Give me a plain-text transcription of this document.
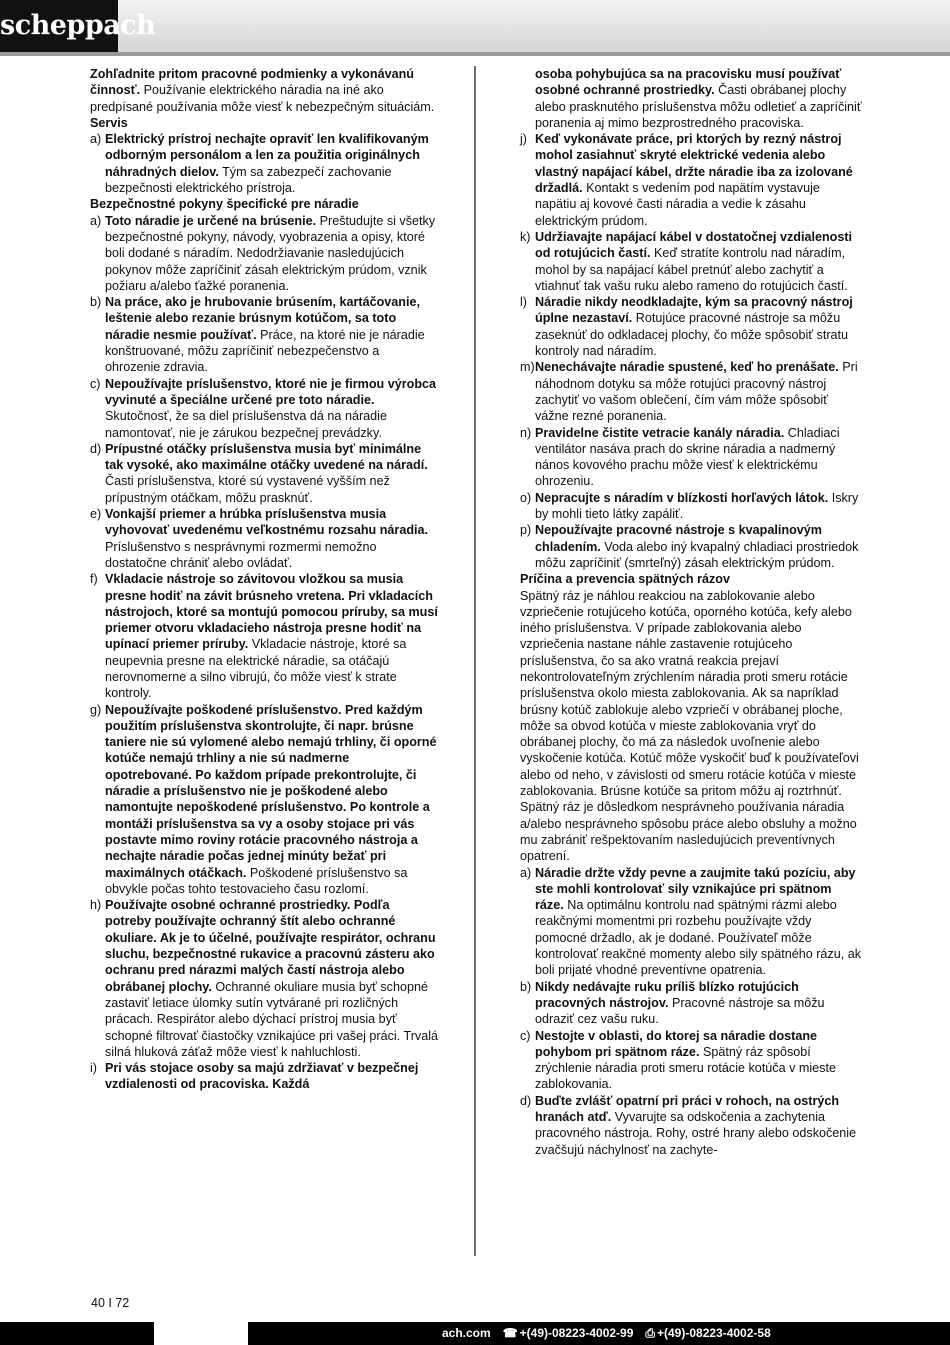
scheppach

Zohľadnite pritom pracovné podmienky a vykonávanú činnosť. Používanie elektrického náradia na iné ako predpísané používania môže viesť k nebezpečným situáciám.

Servis

a) Elektrický prístroj nechajte opraviť len kvalifikovaným odborným personálom a len za použitia originálnych náhradných dielov. Tým sa zabezpečí zachovanie bezpečnosti elektrického prístroja.

Bezpečnostné pokyny špecifické pre náradie

a) Toto náradie je určené na brúsenie. Preštudujte si všetky bezpečnostné pokyny, návody, vyobrazenia a opisy, ktoré boli dodané s náradím. Nedodržiavanie nasledujúcich pokynov môže zapríčiniť zásah elektrickým prúdom, vznik požiaru a/alebo ťažké poranenia.
b) Na práce, ako je hrubovanie brúsením, kartáčovanie, leštenie alebo rezanie brúsnym kotúčom, sa toto náradie nesmie používať. Práce, na ktoré nie je náradie konštruované, môžu zapríčiniť nebezpečenstvo a ohrozenie zdravia.
c) Nepoužívajte príslušenstvo, ktoré nie je firmou výrobca vyvinuté a špeciálne určené pre toto náradie. Skutočnosť, že sa diel príslušenstva dá na náradie namontovať, nie je zárukou bezpečnej prevádzky.
d) Prípustné otáčky príslušenstva musia byť minimálne tak vysoké, ako maximálne otáčky uvedené na náradí. Časti príslušenstva, ktoré sú vystavené vyšším než prípustným otáčkam, môžu prasknúť.
e) Vonkajší priemer a hrúbka príslušenstva musia vyhovovať uvedenému veľkostnému rozsahu náradia. Príslušenstvo s nesprávnymi rozmermi nemožno dostatočne chrániť alebo ovládať.
f) Vkladacie nástroje so závitovou vložkou sa musia presne hodiť na závit brúsneho vretena. Pri vkladacích nástrojoch, ktoré sa montujú pomocou príruby, sa musí priemer otvoru vkladacieho nástroja presne hodiť na upínací priemer príruby. Vkladacie nástroje, ktoré sa neupevnia presne na elektrické náradie, sa otáčajú nerovnomerne a silno vibrujú, čo môže viesť k strate kontroly.
g) Nepoužívajte poškodené príslušenstvo. Pred každým použitím príslušenstva skontrolujte, či napr. brúsne taniere nie sú vylomené alebo nemajú trhliny, či oporné kotúče nemajú trhliny a nie sú nadmerne opotrebované. Po každom prípade prekontrolujte, či náradie a príslušenstvo nie je poškodené alebo namontujte nepoškodené príslušenstvo. Po kontrole a montáži príslušenstva sa vy a osoby stojace pri vás postavte mimo roviny rotácie pracovného nástroja a nechajte náradie počas jednej minúty bežať pri maximálnych otáčkach. Poškodené príslušenstvo sa obvykle počas tohto testovacieho času rozlomí.
h) Používajte osobné ochranné prostriedky. Podľa potreby používajte ochranný štít alebo ochranné okuliare. Ak je to účelné, používajte respirátor, ochranu sluchu, bezpečnostné rukavice a pracovnú zásteru ako ochranu pred nárazmi malých častí nástroja alebo obrábanej plochy. Ochranné okuliare musia byť schopné zastaviť letiace úlomky sutín vytvárané pri rozličných prácach. Respirátor alebo dýchací prístroj musia byť schopné filtrovať čiastočky vznikajúce pri vašej práci. Trvalá silná hluková záťaž môže viesť k nahluchlosti.
i) Pri vás stojace osoby sa majú zdržiavať v bezpečnej vzdialenosti od pracoviska. Každá
osoba pohybujúca sa na pracovisku musí používať osobné ochranné prostriedky. Časti obrábanej plochy alebo prasknutého príslušenstva môžu odletieť a zapríčiniť poranenia aj mimo bezprostredného pracoviska.
j) Keď vykonávate práce, pri ktorých by rezný nástroj mohol zasiahnuť skryté elektrické vedenia alebo vlastný napájací kábel, držte náradie iba za izolované držadlá. Kontakt s vedením pod napätím vystavuje napätiu aj kovové časti náradia a vedie k zásahu elektrickým prúdom.
k) Udržiavajte napájací kábel v dostatočnej vzdialenosti od rotujúcich častí. Keď stratíte kontrolu nad náradím, mohol by sa napájací kábel pretnúť alebo zachytiť a vtiahnuť tak vašu ruku alebo rameno do rotujúcich častí.
l) Náradie nikdy neodkladajte, kým sa pracovný nástroj úplne nezastaví. Rotujúce pracovné nástroje sa môžu zaseknúť do odkladacej plochy, čo môže spôsobiť stratu kontroly nad náradím.
m) Nenechávajte náradie spustené, keď ho prenášate. Pri náhodnom dotyku sa môže rotujúci pracovný nástroj zachytiť vo vašom oblečení, čím vám môže spôsobiť vážne rezné poranenia.
n) Pravidelne čistite vetracie kanály náradia. Chladiaci ventilátor nasáva prach do skrine náradia a nadmerný nános kovového prachu môže viesť k elektrickému ohrozeniu.
o) Nepracujte s náradím v blízkosti horľavých látok. Iskry by mohli tieto látky zapáliť.
p) Nepoužívajte pracovné nástroje s kvapalinovým chladením. Voda alebo iný kvapalný chladiaci prostriedok môžu zapríčiniť (smrteľný) zásah elektrickým prúdom.

Príčina a prevencia spätných rázov

Spätný ráz je náhlou reakciou na zablokovanie alebo vzpriečenie rotujúceho kotúča, oporného kotúča, kefy alebo iného príslušenstva. V prípade zablokovania alebo vzpriečenia nastane náhle zastavenie rotujúceho príslušenstva, čo sa ako vratná reakcia prejaví nekontrolovateľným zrýchlením náradia proti smeru rotácie príslušenstva okolo miesta zablokovania. Ak sa napríklad brúsny kotúč zablokuje alebo vzpriečí v obrábanej ploche, môže sa obvod kotúča v mieste zablokovania vryť do obrábanej plochy, čo má za následok uvoľnenie alebo vyskočenie kotúča. Kotúč môže vyskočiť buď k používateľovi alebo od neho, v závislosti od smeru rotácie kotúča v mieste zablokovania. Brúsne kotúče sa pritom môžu aj roztrhnúť. Spätný ráz je dôsledkom nesprávneho používania náradia a/alebo nesprávneho spôsobu práce alebo obsluhy a možno mu zabrániť rešpektovaním nasledujúcich preventívnych opatrení.

a) Náradie držte vždy pevne a zaujmite takú pozíciu, aby ste mohli kontrolovať sily vznikajúce pri spätnom ráze. Na optimálnu kontrolu nad spätnými rázmi alebo reakčnými momentmi pri rozbehu používajte vždy pomocné držadlo, ak je dodané. Používateľ môže kontrolovať reakčné momenty alebo sily spätného rázu, ak boli prijaté vhodné preventívne opatrenia.
b) Nikdy nedávajte ruku príliš blízko rotujúcich pracovných nástrojov. Pracovné nástroje sa môžu odraziť cez vašu ruku.
c) Nestojte v oblasti, do ktorej sa náradie dostane pohybom pri spätnom ráze. Spätný ráz spôsobí zrýchlenie náradia proti smeru rotácie kotúča v mieste zablokovania.
d) Buďte zvlášť opatrní pri práci v rohoch, na ostrých hranách atď. Vyvarujte sa odskočenia a zachytenia pracovného nástroja. Rohy, ostré hrany alebo odskočenie zvačšujú náchylnosť na zachyte-
40 I 72
ach.com ☎ +(49)-08223-4002-99 ⎙ +(49)-08223-4002-58
